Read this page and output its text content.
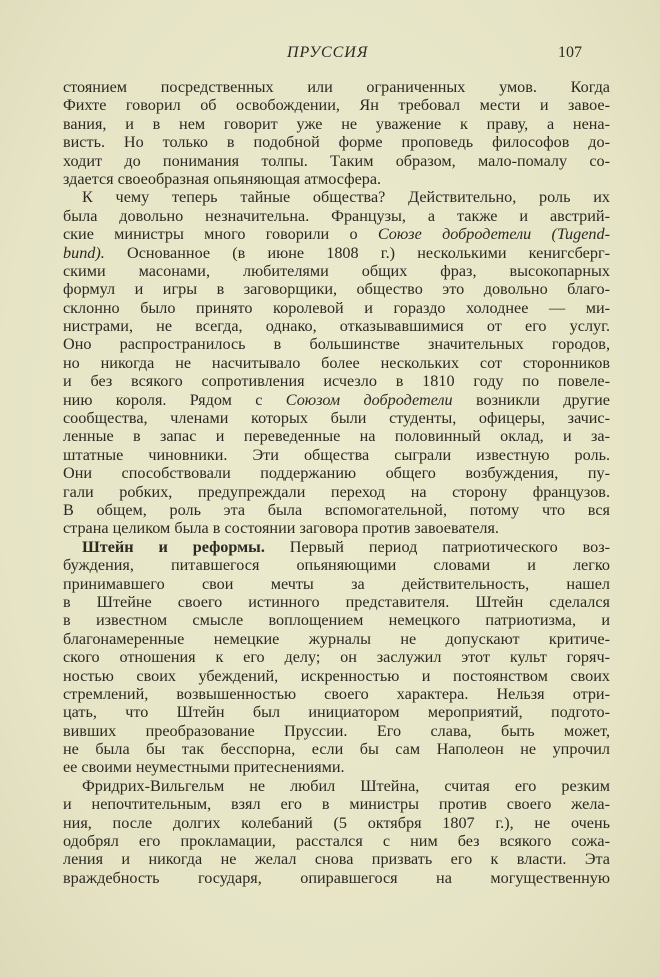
ПРУССИЯ	107
стоянием посредственных или ограниченных умов. Когда
Фихте говорил об освобождении, Ян требовал мести и завое-
вания, и в нем говорит уже не уважение к праву, а нена-
висть. Но только в подобной форме проповедь философов до-
ходит до понимания толпы. Таким образом, мало-помалу со-
здается своеобразная опьяняющая атмосфера.
К чему теперь тайные общества? Действительно, роль их
была довольно незначительна. Французы, а также и австрий-
ские министры много говорили о Союзе добродетели (Tugend-
bund). Основанное (в июне 1808 г.) несколькими кенигсберг-
скими масонами, любителями общих фраз, высокопарных
формул и игры в заговорщики, общество это довольно благо-
склонно было принято королевой и гораздо холоднее — ми-
нистрами, не всегда, однако, отказывавшимися от его услуг.
Оно распространилось в большинстве значительных городов,
но никогда не насчитывало более нескольких сот сторонников
и без всякого сопротивления исчезло в 1810 году по повеле-
нию короля. Рядом с Союзом добродетели возникли другие
сообщества, членами которых были студенты, офицеры, зачис-
ленные в запас и переведенные на половинный оклад, и за-
штатные чиновники. Эти общества сыграли известную роль.
Они способствовали поддержанию общего возбуждения, пу-
гали робких, предупреждали переход на сторону французов.
В общем, роль эта была вспомогательной, потому что вся
страна целиком была в состоянии заговора против завоевателя.
Штейн и реформы. Первый период патриотического воз-
буждения, питавшегося опьяняющими словами и легко
принимавшего свои мечты за действительность, нашел
в Штейне своего истинного представителя. Штейн сделался
в известном смысле воплощением немецкого патриотизма, и
благонамеренные немецкие журналы не допускают критиче-
ского отношения к его делу; он заслужил этот культ горяч-
ностью своих убеждений, искренностью и постоянством своих
стремлений, возвышенностью своего характера. Нельзя отри-
цать, что Штейн был инициатором мероприятий, подгото-
вивших преобразование Пруссии. Его слава, быть может,
не была бы так бесспорна, если бы сам Наполеон не упрочил
ее своими неуместными притеснениями.
Фридрих-Вильгельм не любил Штейна, считая его резким
и непочтительным, взял его в министры против своего жела-
ния, после долгих колебаний (5 октября 1807 г.), не очень
одобрял его прокламации, расстался с ним без всякого сожа-
ления и никогда не желал снова призвать его к власти. Эта
враждебность государя, опиравшегося на могущественную
